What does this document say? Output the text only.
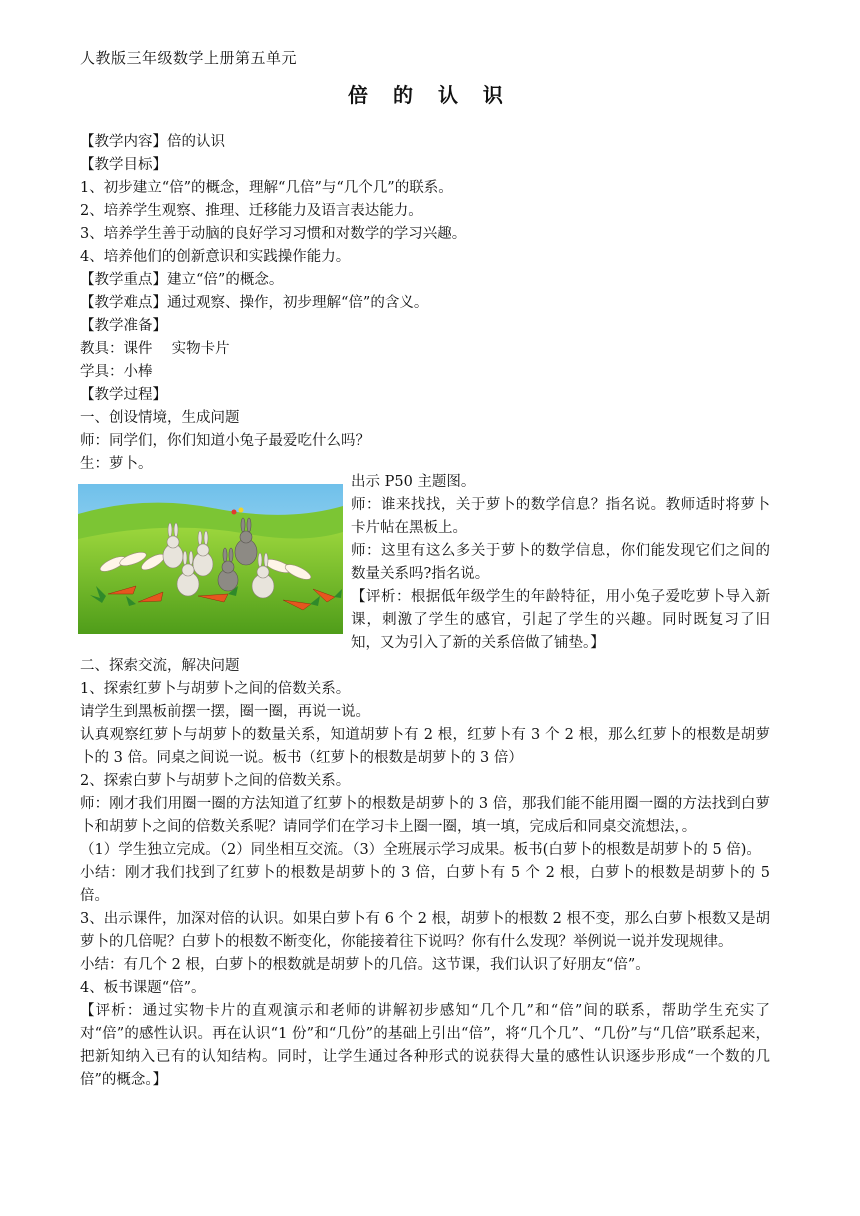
人教版三年级数学上册第五单元
倍 的 认 识
【教学内容】倍的认识
【教学目标】
1、初步建立“倍”的概念，理解“几倍”与“几个几”的联系。
2、培养学生观察、推理、迁移能力及语言表达能力。
3、培养学生善于动脑的良好学习习惯和对数学的学习兴趣。
4、培养他们的创新意识和实践操作能力。
【教学重点】建立“倍”的概念。
【教学难点】通过观察、操作，初步理解“倍”的含义。
【教学准备】
教具：课件　 实物卡片
学具：小棒
【教学过程】
一、创设情境，生成问题
师：同学们，你们知道小兔子最爱吃什么吗？
生：萝卜。
出示 P50 主题图。
师：谁来找找，关于萝卜的数学信息？指名说。教师适时将萝卜卡片帖在黑板上。
师：这里有这么多关于萝卜的数学信息，你们能发现它们之间的数量关系吗?指名说。
【评析：根据低年级学生的年龄特征，用小兔子爱吃萝卜导入新课，刺激了学生的感官，引起了学生的兴趣。同时既复习了旧知，又为引入了新的关系倍做了铺垫。】
二、探索交流，解决问题
1、探索红萝卜与胡萝卜之间的倍数关系。
请学生到黑板前摆一摆，圈一圈，再说一说。
认真观察红萝卜与胡萝卜的数量关系，知道胡萝卜有 2 根，红萝卜有 3 个 2 根，那么红萝卜的根数是胡萝卜的 3 倍。同桌之间说一说。板书（红萝卜的根数是胡萝卜的 3 倍）
2、探索白萝卜与胡萝卜之间的倍数关系。
师：刚才我们用圈一圈的方法知道了红萝卜的根数是胡萝卜的 3 倍，那我们能不能用圈一圈的方法找到白萝卜和胡萝卜之间的倍数关系呢？请同学们在学习卡上圈一圈，填一填，完成后和同桌交流想法，。
（1）学生独立完成。（2）同坐相互交流。（3）全班展示学习成果。板书(白萝卜的根数是胡萝卜的 5 倍)。
小结：刚才我们找到了红萝卜的根数是胡萝卜的 3 倍，白萝卜有 5 个 2 根，白萝卜的根数是胡萝卜的 5 倍。
3、出示课件，加深对倍的认识。如果白萝卜有 6 个 2 根，胡萝卜的根数 2 根不变，那么白萝卜根数又是胡萝卜的几倍呢？白萝卜的根数不断变化，你能接着往下说吗？你有什么发现？举例说一说并发现规律。
小结：有几个 2 根，白萝卜的根数就是胡萝卜的几倍。这节课，我们认识了好朋友“倍”。
4、板书课题“倍”。
【评析：通过实物卡片的直观演示和老师的讲解初步感知“几个几”和“倍”间的联系，帮助学生充实了对“倍”的感性认识。再在认识“1 份”和“几份”的基础上引出“倍”，将“几个几”、“几份”与“几倍”联系起来，把新知纳入已有的认知结构。同时，让学生通过各种形式的说获得大量的感性认识逐步形成“一个数的几倍”的概念。】
